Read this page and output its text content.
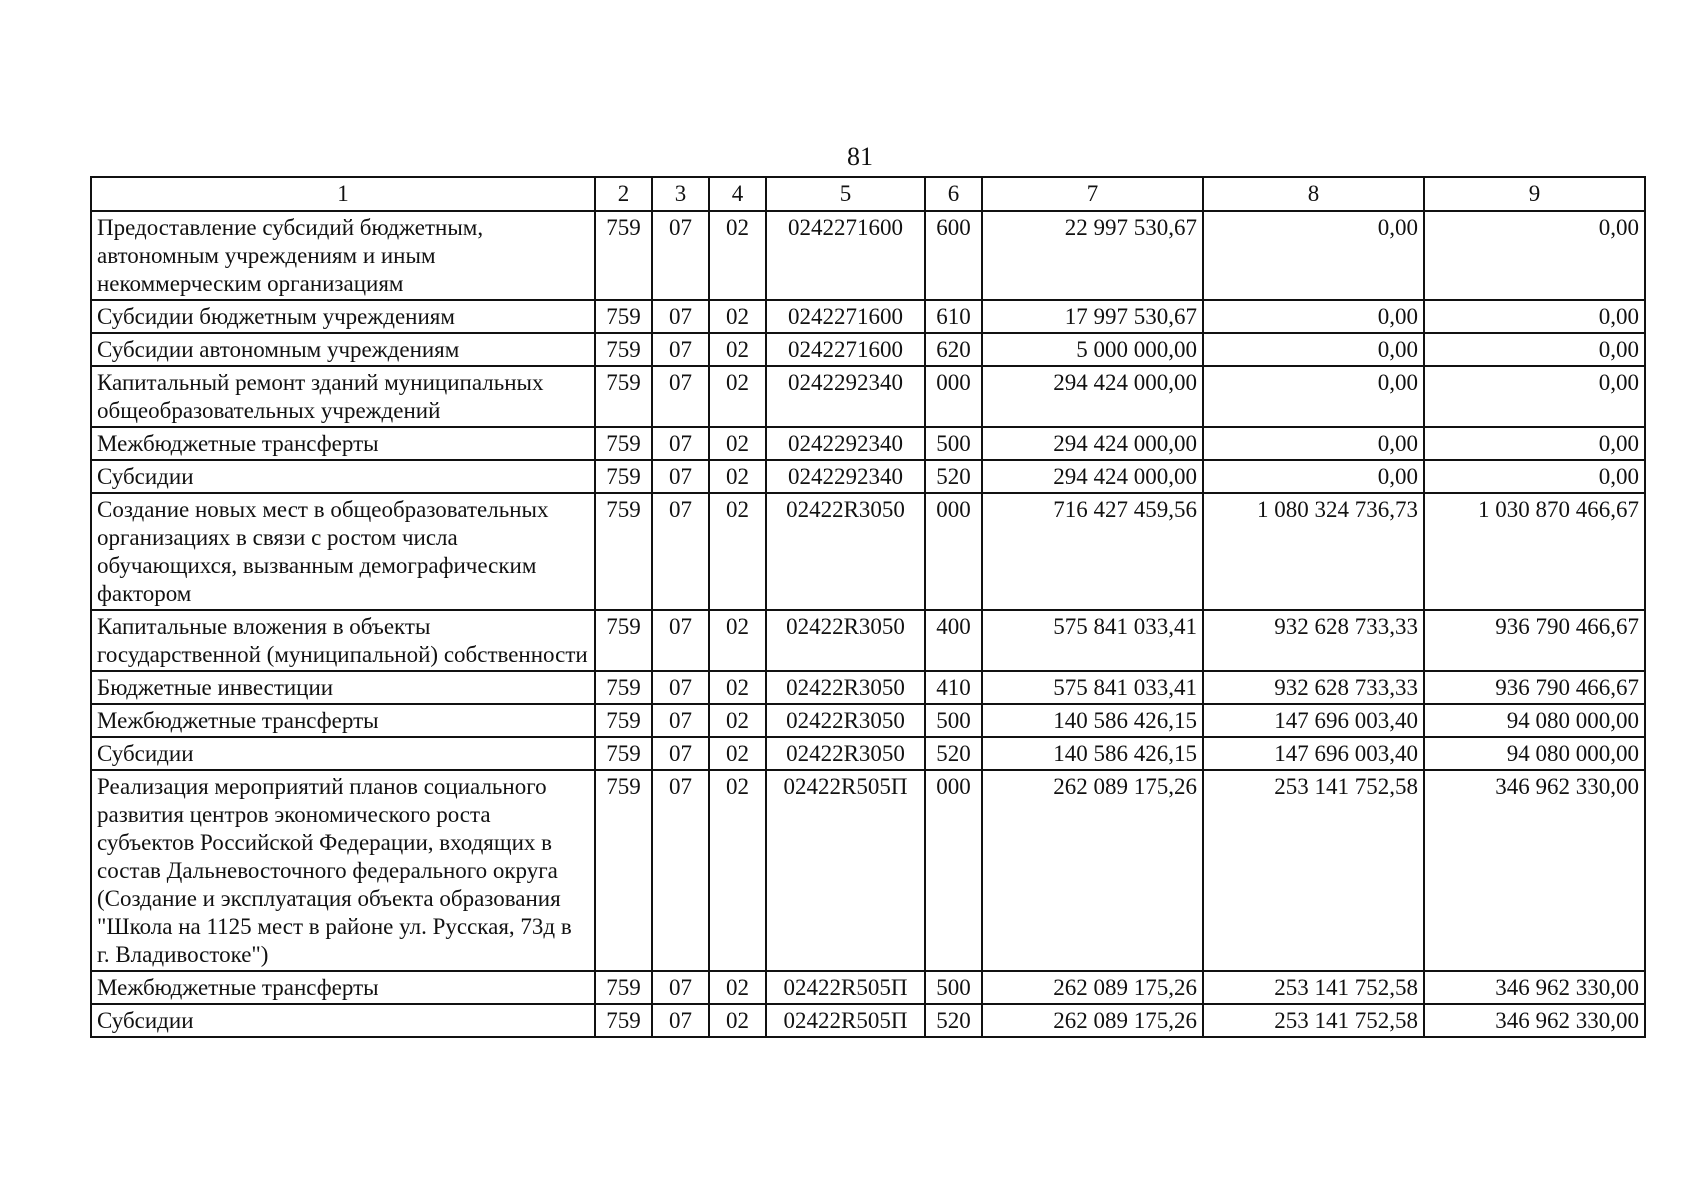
81
1	2	3	4	5	6	7	8	9
Предоставление субсидий бюджетным, автономным учреждениям и иным некоммерческим организациям	759	07	02	0242271600	600	22 997 530,67	0,00	0,00
Субсидии бюджетным учреждениям	759	07	02	0242271600	610	17 997 530,67	0,00	0,00
Субсидии автономным учреждениям	759	07	02	0242271600	620	5 000 000,00	0,00	0,00
Капитальный ремонт зданий муниципальных общеобразовательных учреждений	759	07	02	0242292340	000	294 424 000,00	0,00	0,00
Межбюджетные трансферты	759	07	02	0242292340	500	294 424 000,00	0,00	0,00
Субсидии	759	07	02	0242292340	520	294 424 000,00	0,00	0,00
Создание новых мест в общеобразовательных организациях в связи с ростом числа обучающихся, вызванным демографическим фактором	759	07	02	02422R3050	000	716 427 459,56	1 080 324 736,73	1 030 870 466,67
Капитальные вложения в объекты государственной (муниципальной) собственности	759	07	02	02422R3050	400	575 841 033,41	932 628 733,33	936 790 466,67
Бюджетные инвестиции	759	07	02	02422R3050	410	575 841 033,41	932 628 733,33	936 790 466,67
Межбюджетные трансферты	759	07	02	02422R3050	500	140 586 426,15	147 696 003,40	94 080 000,00
Субсидии	759	07	02	02422R3050	520	140 586 426,15	147 696 003,40	94 080 000,00
Реализация мероприятий планов социального развития центров экономического роста субъектов Российской Федерации, входящих в состав Дальневосточного федерального округа (Создание и эксплуатация объекта образования "Школа на 1125 мест в районе ул. Русская, 73д в г. Владивостоке")	759	07	02	02422R505П	000	262 089 175,26	253 141 752,58	346 962 330,00
Межбюджетные трансферты	759	07	02	02422R505П	500	262 089 175,26	253 141 752,58	346 962 330,00
Субсидии	759	07	02	02422R505П	520	262 089 175,26	253 141 752,58	346 962 330,00
